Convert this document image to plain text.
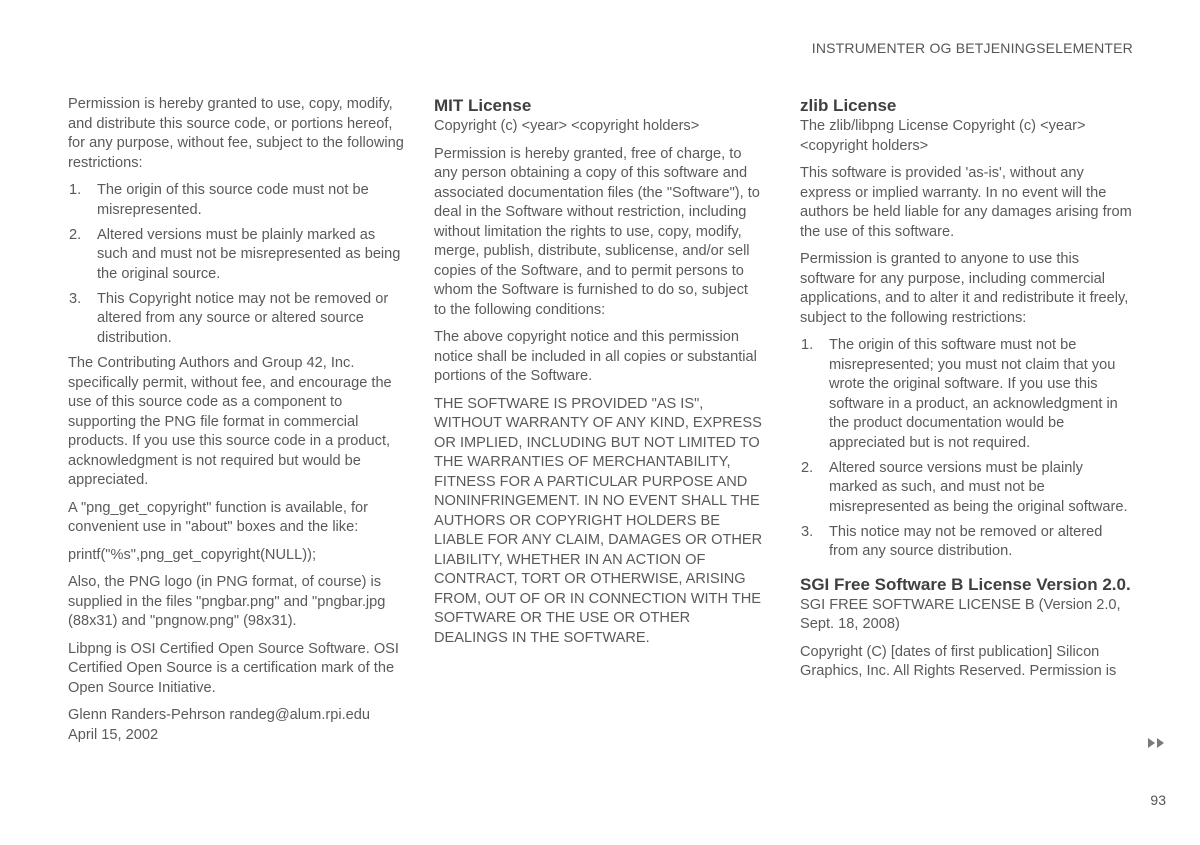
INSTRUMENTER OG BETJENINGSELEMENTER

Permission is hereby granted to use, copy, modify, and distribute this source code, or portions hereof, for any purpose, without fee, subject to the following restrictions:

1. The origin of this source code must not be misrepresented.
2. Altered versions must be plainly marked as such and must not be misrepresented as being the original source.
3. This Copyright notice may not be removed or altered from any source or altered source distribution.

The Contributing Authors and Group 42, Inc. specifically permit, without fee, and encourage the use of this source code as a component to supporting the PNG file format in commercial products. If you use this source code in a product, acknowledgment is not required but would be appreciated.

A "png_get_copyright" function is available, for convenient use in "about" boxes and the like:

printf("%s",png_get_copyright(NULL));

Also, the PNG logo (in PNG format, of course) is supplied in the files "pngbar.png" and "pngbar.jpg (88x31) and "pngnow.png" (98x31).

Libpng is OSI Certified Open Source Software. OSI Certified Open Source is a certification mark of the Open Source Initiative.

Glenn Randers-Pehrson randeg@alum.rpi.edu
April 15, 2002

MIT License
Copyright (c) <year> <copyright holders>

Permission is hereby granted, free of charge, to any person obtaining a copy of this software and associated documentation files (the "Software"), to deal in the Software without restriction, including without limitation the rights to use, copy, modify, merge, publish, distribute, sublicense, and/or sell copies of the Software, and to permit persons to whom the Software is furnished to do so, subject to the following conditions:

The above copyright notice and this permission notice shall be included in all copies or substantial portions of the Software.

THE SOFTWARE IS PROVIDED "AS IS", WITHOUT WARRANTY OF ANY KIND, EXPRESS OR IMPLIED, INCLUDING BUT NOT LIMITED TO THE WARRANTIES OF MERCHANTABILITY, FITNESS FOR A PARTICULAR PURPOSE AND NONINFRINGEMENT. IN NO EVENT SHALL THE AUTHORS OR COPYRIGHT HOLDERS BE LIABLE FOR ANY CLAIM, DAMAGES OR OTHER LIABILITY, WHETHER IN AN ACTION OF CONTRACT, TORT OR OTHERWISE, ARISING FROM, OUT OF OR IN CONNECTION WITH THE SOFTWARE OR THE USE OR OTHER DEALINGS IN THE SOFTWARE.

zlib License
The zlib/libpng License Copyright (c) <year> <copyright holders>

This software is provided 'as-is', without any express or implied warranty. In no event will the authors be held liable for any damages arising from the use of this software.

Permission is granted to anyone to use this software for any purpose, including commercial applications, and to alter it and redistribute it freely, subject to the following restrictions:

1. The origin of this software must not be misrepresented; you must not claim that you wrote the original software. If you use this software in a product, an acknowledgment in the product documentation would be appreciated but is not required.
2. Altered source versions must be plainly marked as such, and must not be misrepresented as being the original software.
3. This notice may not be removed or altered from any source distribution.
SGI Free Software B License Version 2.0.
SGI FREE SOFTWARE LICENSE B (Version 2.0, Sept. 18, 2008)

Copyright (C) [dates of first publication] Silicon Graphics, Inc. All Rights Reserved. Permission is

93
